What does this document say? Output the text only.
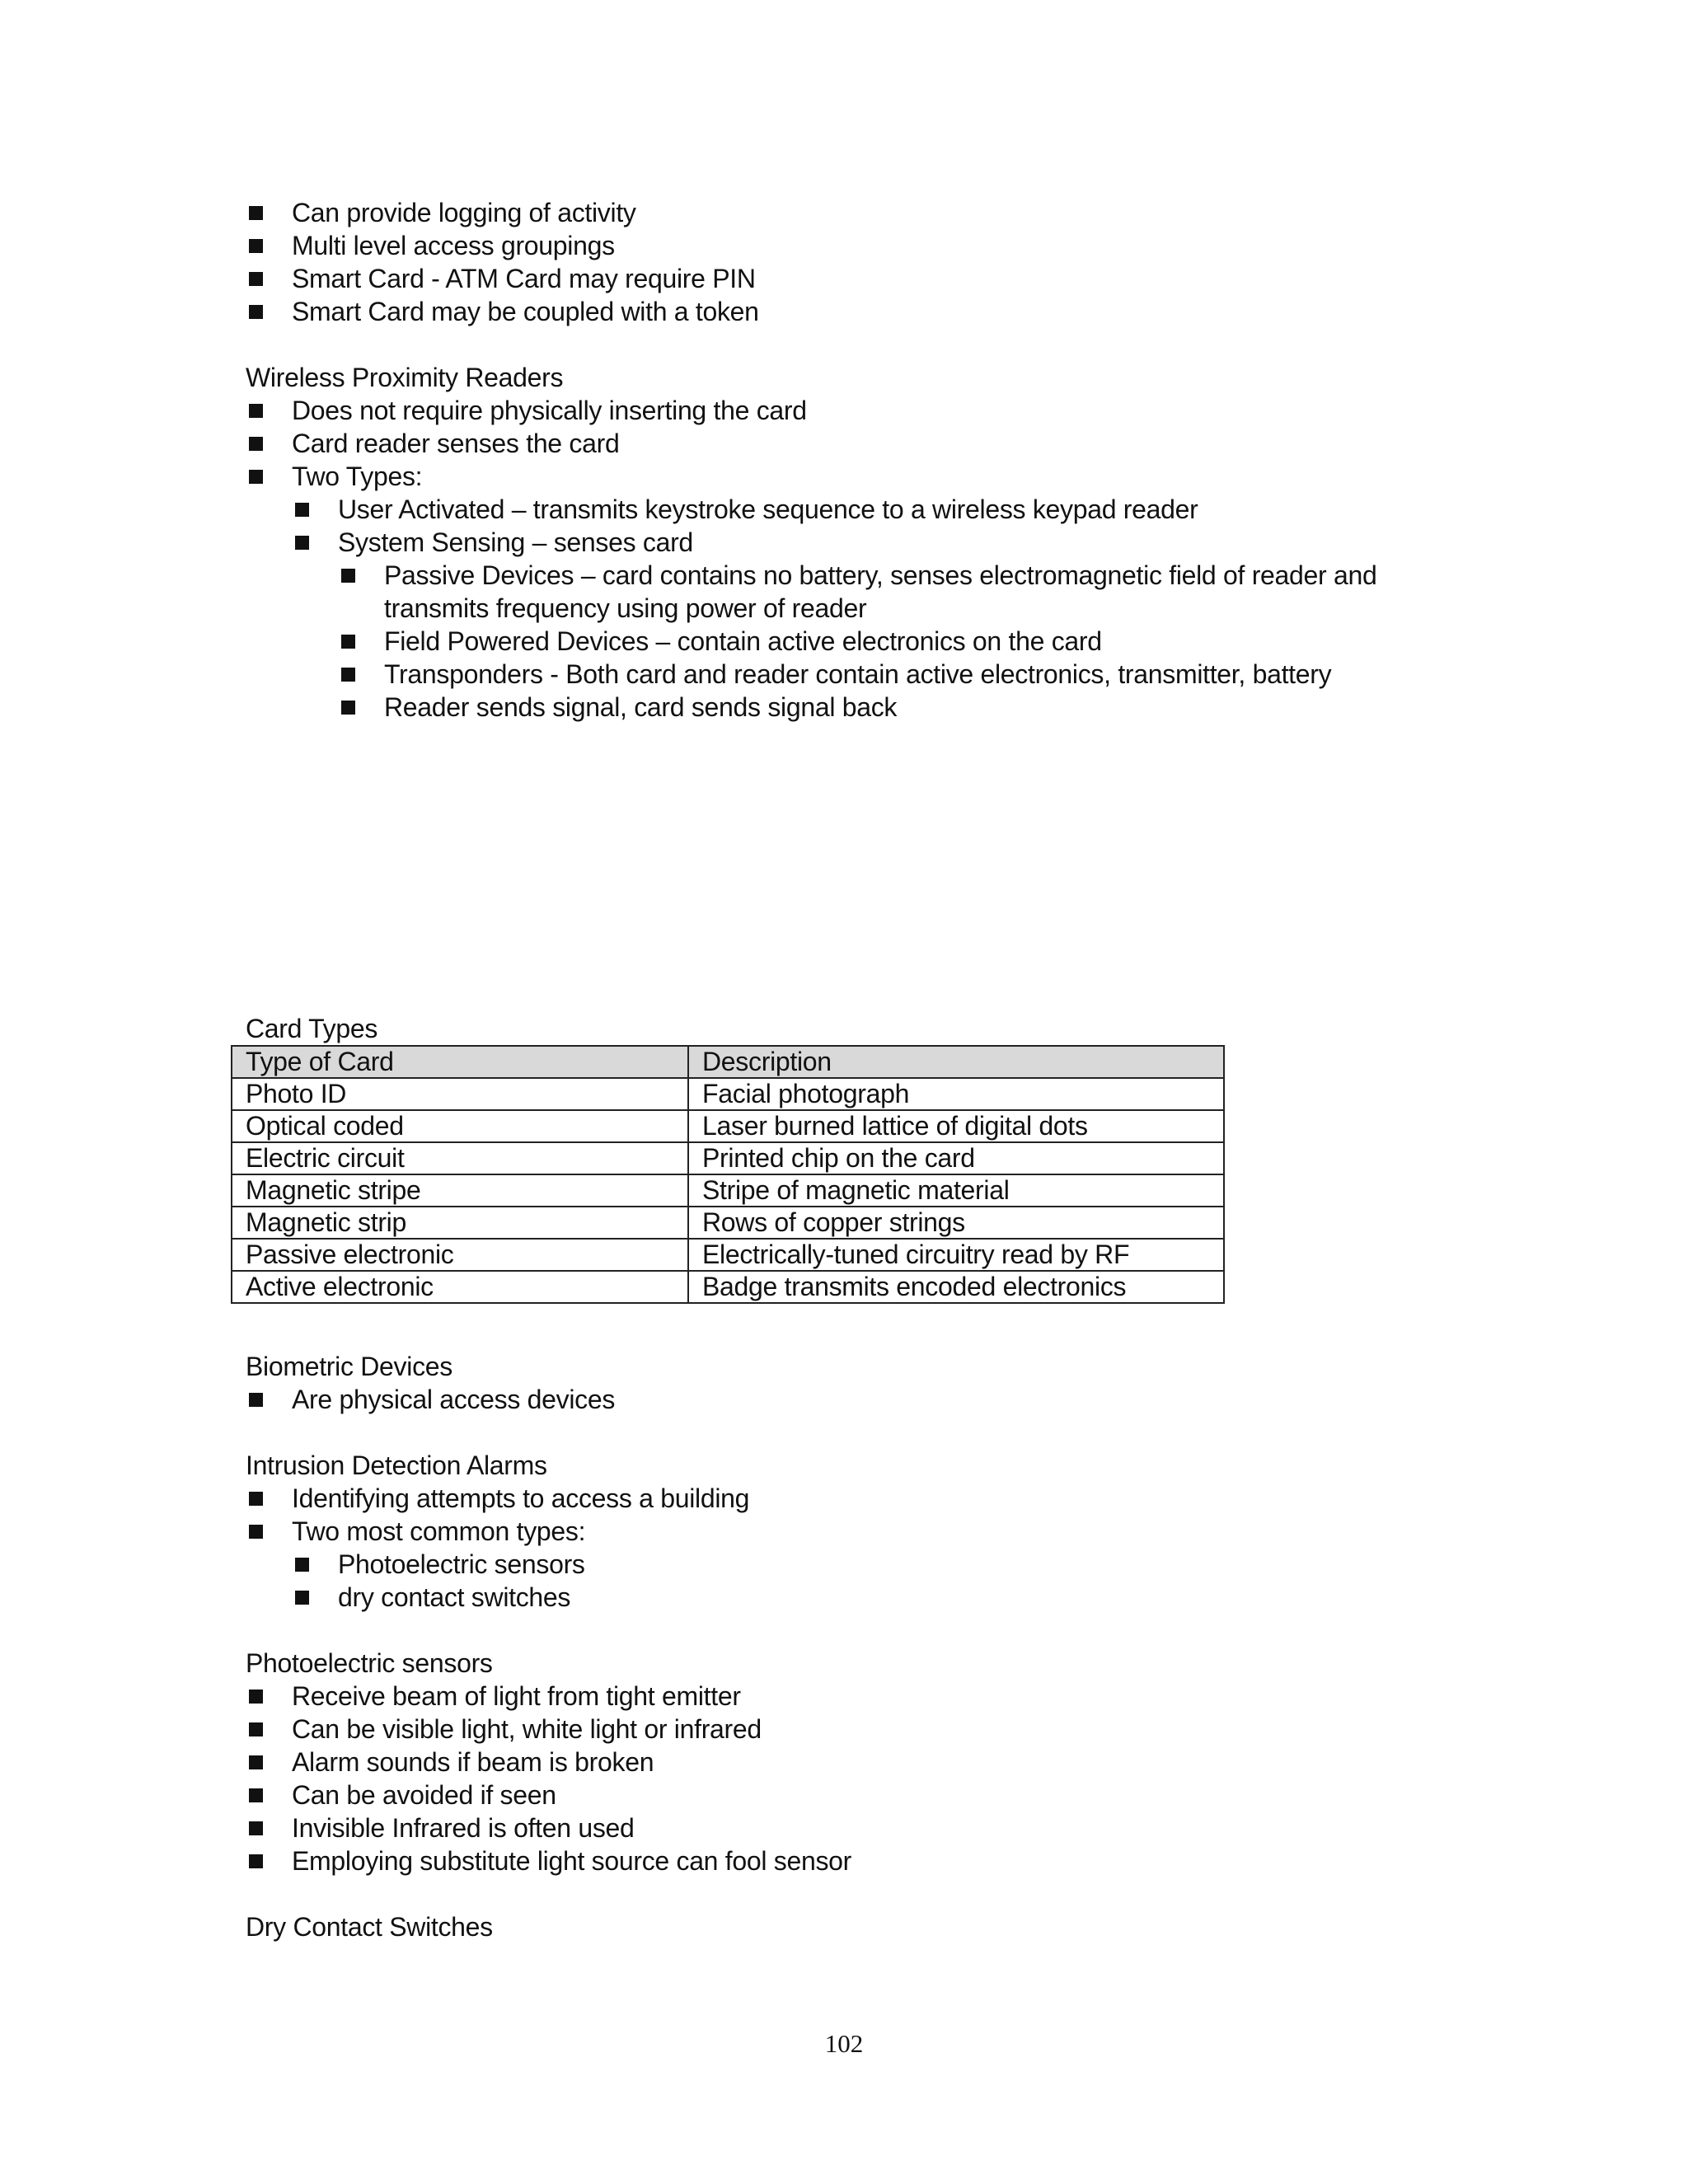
Can provide logging of activity
Multi level access groupings
Smart Card - ATM Card may require PIN
Smart Card may be coupled with a token
Wireless Proximity Readers
Does not require physically inserting the card
Card reader senses the card
Two Types:
User Activated – transmits keystroke sequence to a wireless keypad reader
System Sensing – senses card
Passive Devices – card contains no battery, senses electromagnetic field of reader and transmits frequency using power of reader
Field Powered Devices – contain active electronics on the card
Transponders - Both card and reader contain active electronics, transmitter, battery
Reader sends signal, card sends signal back
Card Types
Type of Card	Description
Photo ID	Facial photograph
Optical coded	Laser burned lattice of digital dots
Electric circuit	Printed chip on the card
Magnetic stripe	Stripe of magnetic material
Magnetic strip	Rows of copper strings
Passive electronic	Electrically-tuned circuitry read by RF
Active electronic	Badge transmits encoded electronics
Biometric Devices
Are physical access devices
Intrusion Detection Alarms
Identifying attempts to access a building
Two most common types:
Photoelectric sensors
dry contact switches
Photoelectric sensors
Receive beam of light from tight emitter
Can be visible light, white light or infrared
Alarm sounds if beam is broken
Can be avoided if seen
Invisible Infrared is often used
Employing substitute light source can fool sensor
Dry Contact Switches
102
